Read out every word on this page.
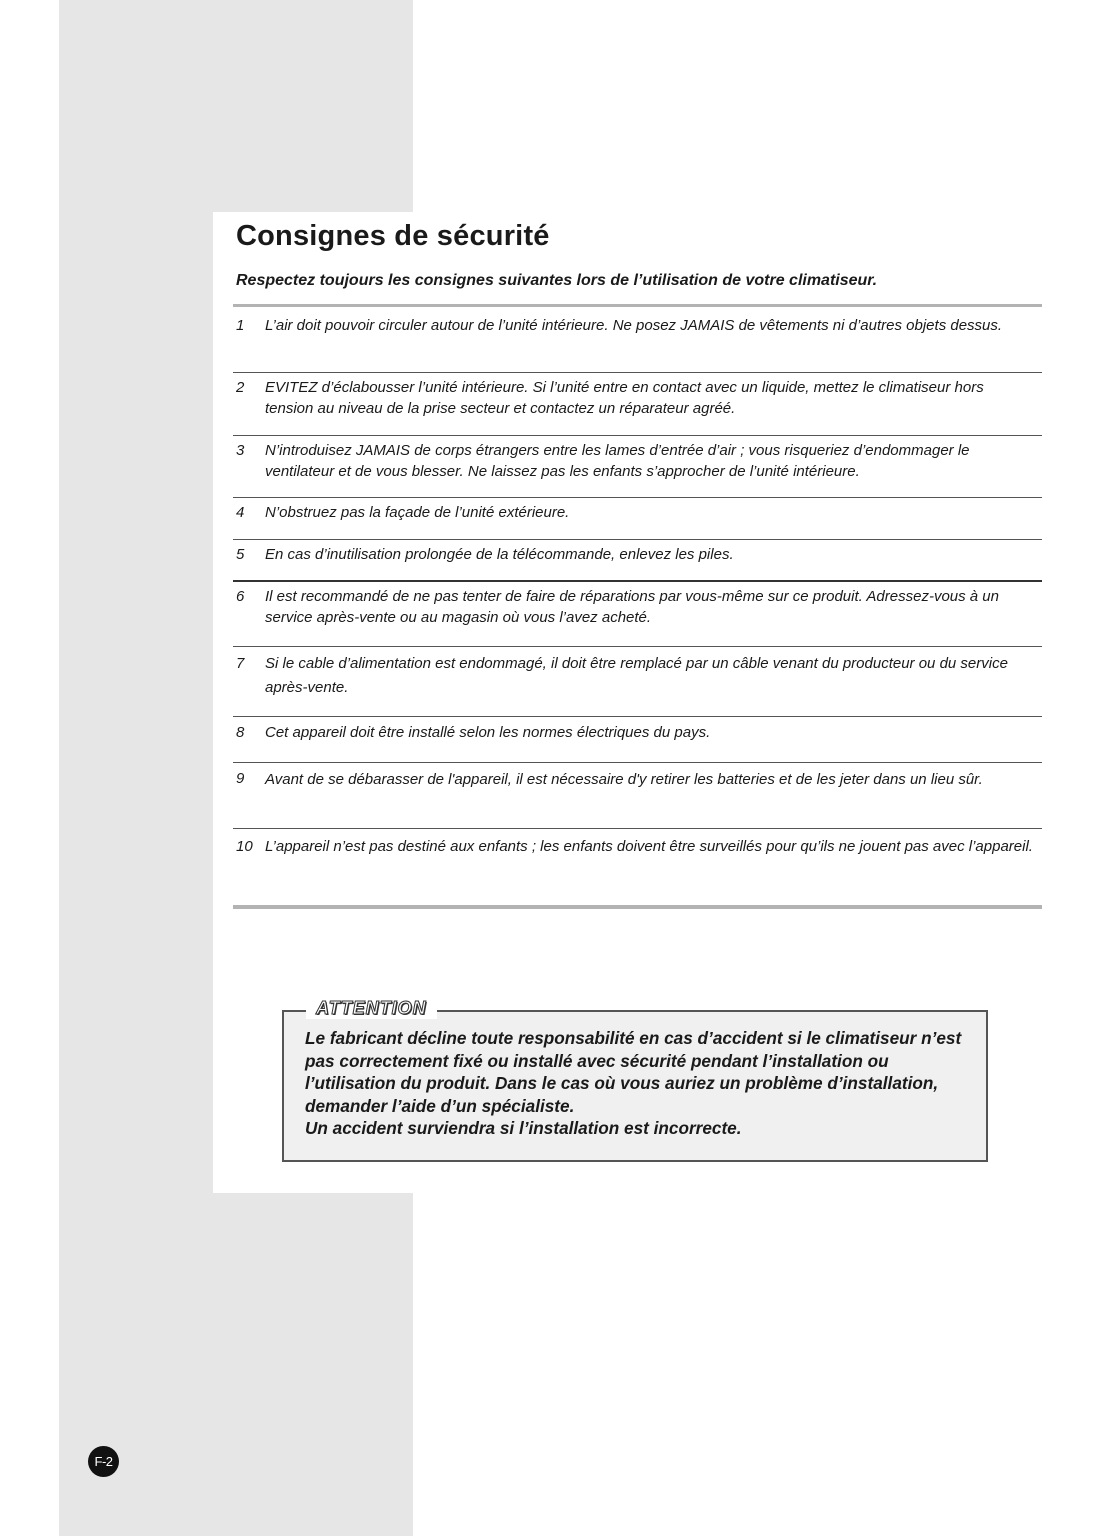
Consignes de sécurité

Respectez toujours les consignes suivantes lors de l’utilisation de votre climatiseur.

1	L’air doit pouvoir circuler autour de l’unité intérieure. Ne posez JAMAIS de vêtements ni d’autres objets dessus.
2	EVITEZ d’éclabousser l’unité intérieure. Si l’unité entre en contact avec un liquide, mettez le climatiseur hors tension au niveau de la prise secteur et contactez un réparateur agréé.
3	N’introduisez JAMAIS de corps étrangers entre les lames d’entrée d’air ; vous risqueriez d’endommager le ventilateur et de vous blesser. Ne laissez pas les enfants s’approcher de l’unité intérieure.
4	N’obstruez pas la façade de l’unité extérieure.
5	En cas d’inutilisation prolongée de la télécommande, enlevez les piles.
6	Il est recommandé de ne pas tenter de faire de réparations par vous-même sur ce produit. Adressez-vous à un service après-vente ou au magasin où vous l’avez acheté.
7	Si le cable d’alimentation est endommagé, il doit être remplacé par un câble venant du producteur ou du service après-vente.
8	Cet appareil doit être installé selon les normes électriques du pays.
9	Avant de se débarasser de l'appareil, il est nécessaire d'y retirer les batteries et de les jeter dans un lieu sûr.
10 L’appareil n’est pas destiné aux enfants ; les enfants doivent être surveillés pour qu’ils ne jouent pas avec l’appareil.
ATTENTION
Le fabricant décline toute responsabilité en cas d’accident si le climatiseur n’est pas correctement fixé ou installé avec sécurité pendant l’installation ou l’utilisation du produit. Dans le cas où vous auriez un problème d’installation, demander l’aide d’un spécialiste.
Un accident surviendra si l’installation est incorrecte.
F-2
